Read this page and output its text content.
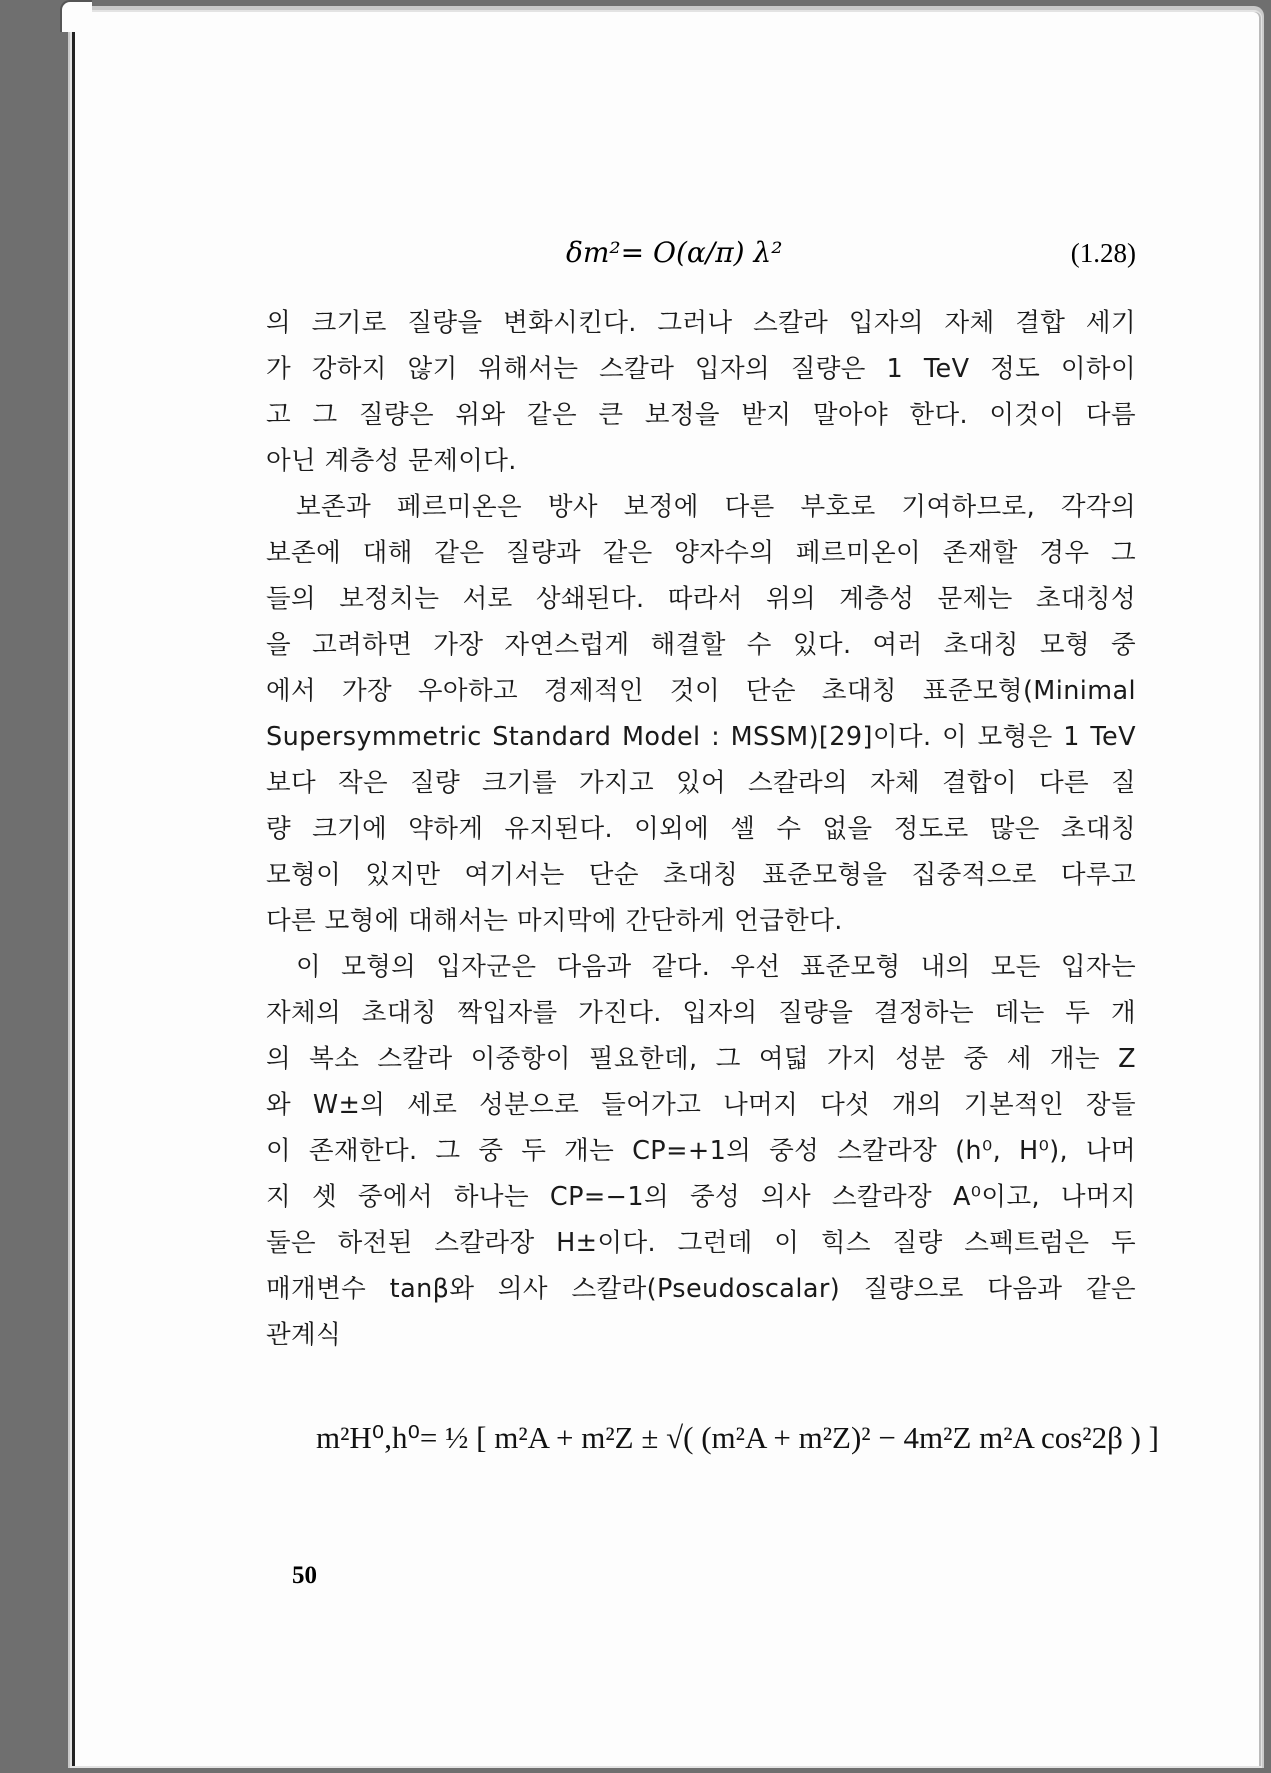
δm²= O(α/π) λ²	(1.28)

의 크기로 질량을 변화시킨다. 그러나 스칼라 입자의 자체 결합 세기

가 강하지 않기 위해서는 스칼라 입자의 질량은 1 TeV 정도 이하이

고 그 질량은 위와 같은 큰 보정을 받지 말아야 한다. 이것이 다름

아닌 계층성 문제이다.

보존과 페르미온은 방사 보정에 다른 부호로 기여하므로, 각각의

보존에 대해 같은 질량과 같은 양자수의 페르미온이 존재할 경우 그

들의 보정치는 서로 상쇄된다. 따라서 위의 계층성 문제는 초대칭성

을 고려하면 가장 자연스럽게 해결할 수 있다. 여러 초대칭 모형 중

에서 가장 우아하고 경제적인 것이 단순 초대칭 표준모형(Minimal

Supersymmetric Standard Model : MSSM)[29]이다. 이 모형은 1 TeV

보다 작은 질량 크기를 가지고 있어 스칼라의 자체 결합이 다른 질

량 크기에 약하게 유지된다. 이외에 셀 수 없을 정도로 많은 초대칭

모형이 있지만 여기서는 단순 초대칭 표준모형을 집중적으로 다루고

다른 모형에 대해서는 마지막에 간단하게 언급한다.

이 모형의 입자군은 다음과 같다. 우선 표준모형 내의 모든 입자는

자체의 초대칭 짝입자를 가진다. 입자의 질량을 결정하는 데는 두 개

의 복소 스칼라 이중항이 필요한데, 그 여덟 가지 성분 중 세 개는 Z

와 W±의 세로 성분으로 들어가고 나머지 다섯 개의 기본적인 장들

이 존재한다. 그 중 두 개는 CP=+1의 중성 스칼라장 (h⁰, H⁰), 나머

지 셋 중에서 하나는 CP=−1의 중성 의사 스칼라장 A⁰이고, 나머지

둘은 하전된 스칼라장 H±이다. 그런데 이 힉스 질량 스펙트럼은 두

매개변수 tanβ와 의사 스칼라(Pseudoscalar) 질량으로 다음과 같은

관계식

m²H⁰,h⁰= ½ [ m²A + m²Z ± √( (m²A + m²Z)² − 4m²Z m²A cos²2β ) ]
50
